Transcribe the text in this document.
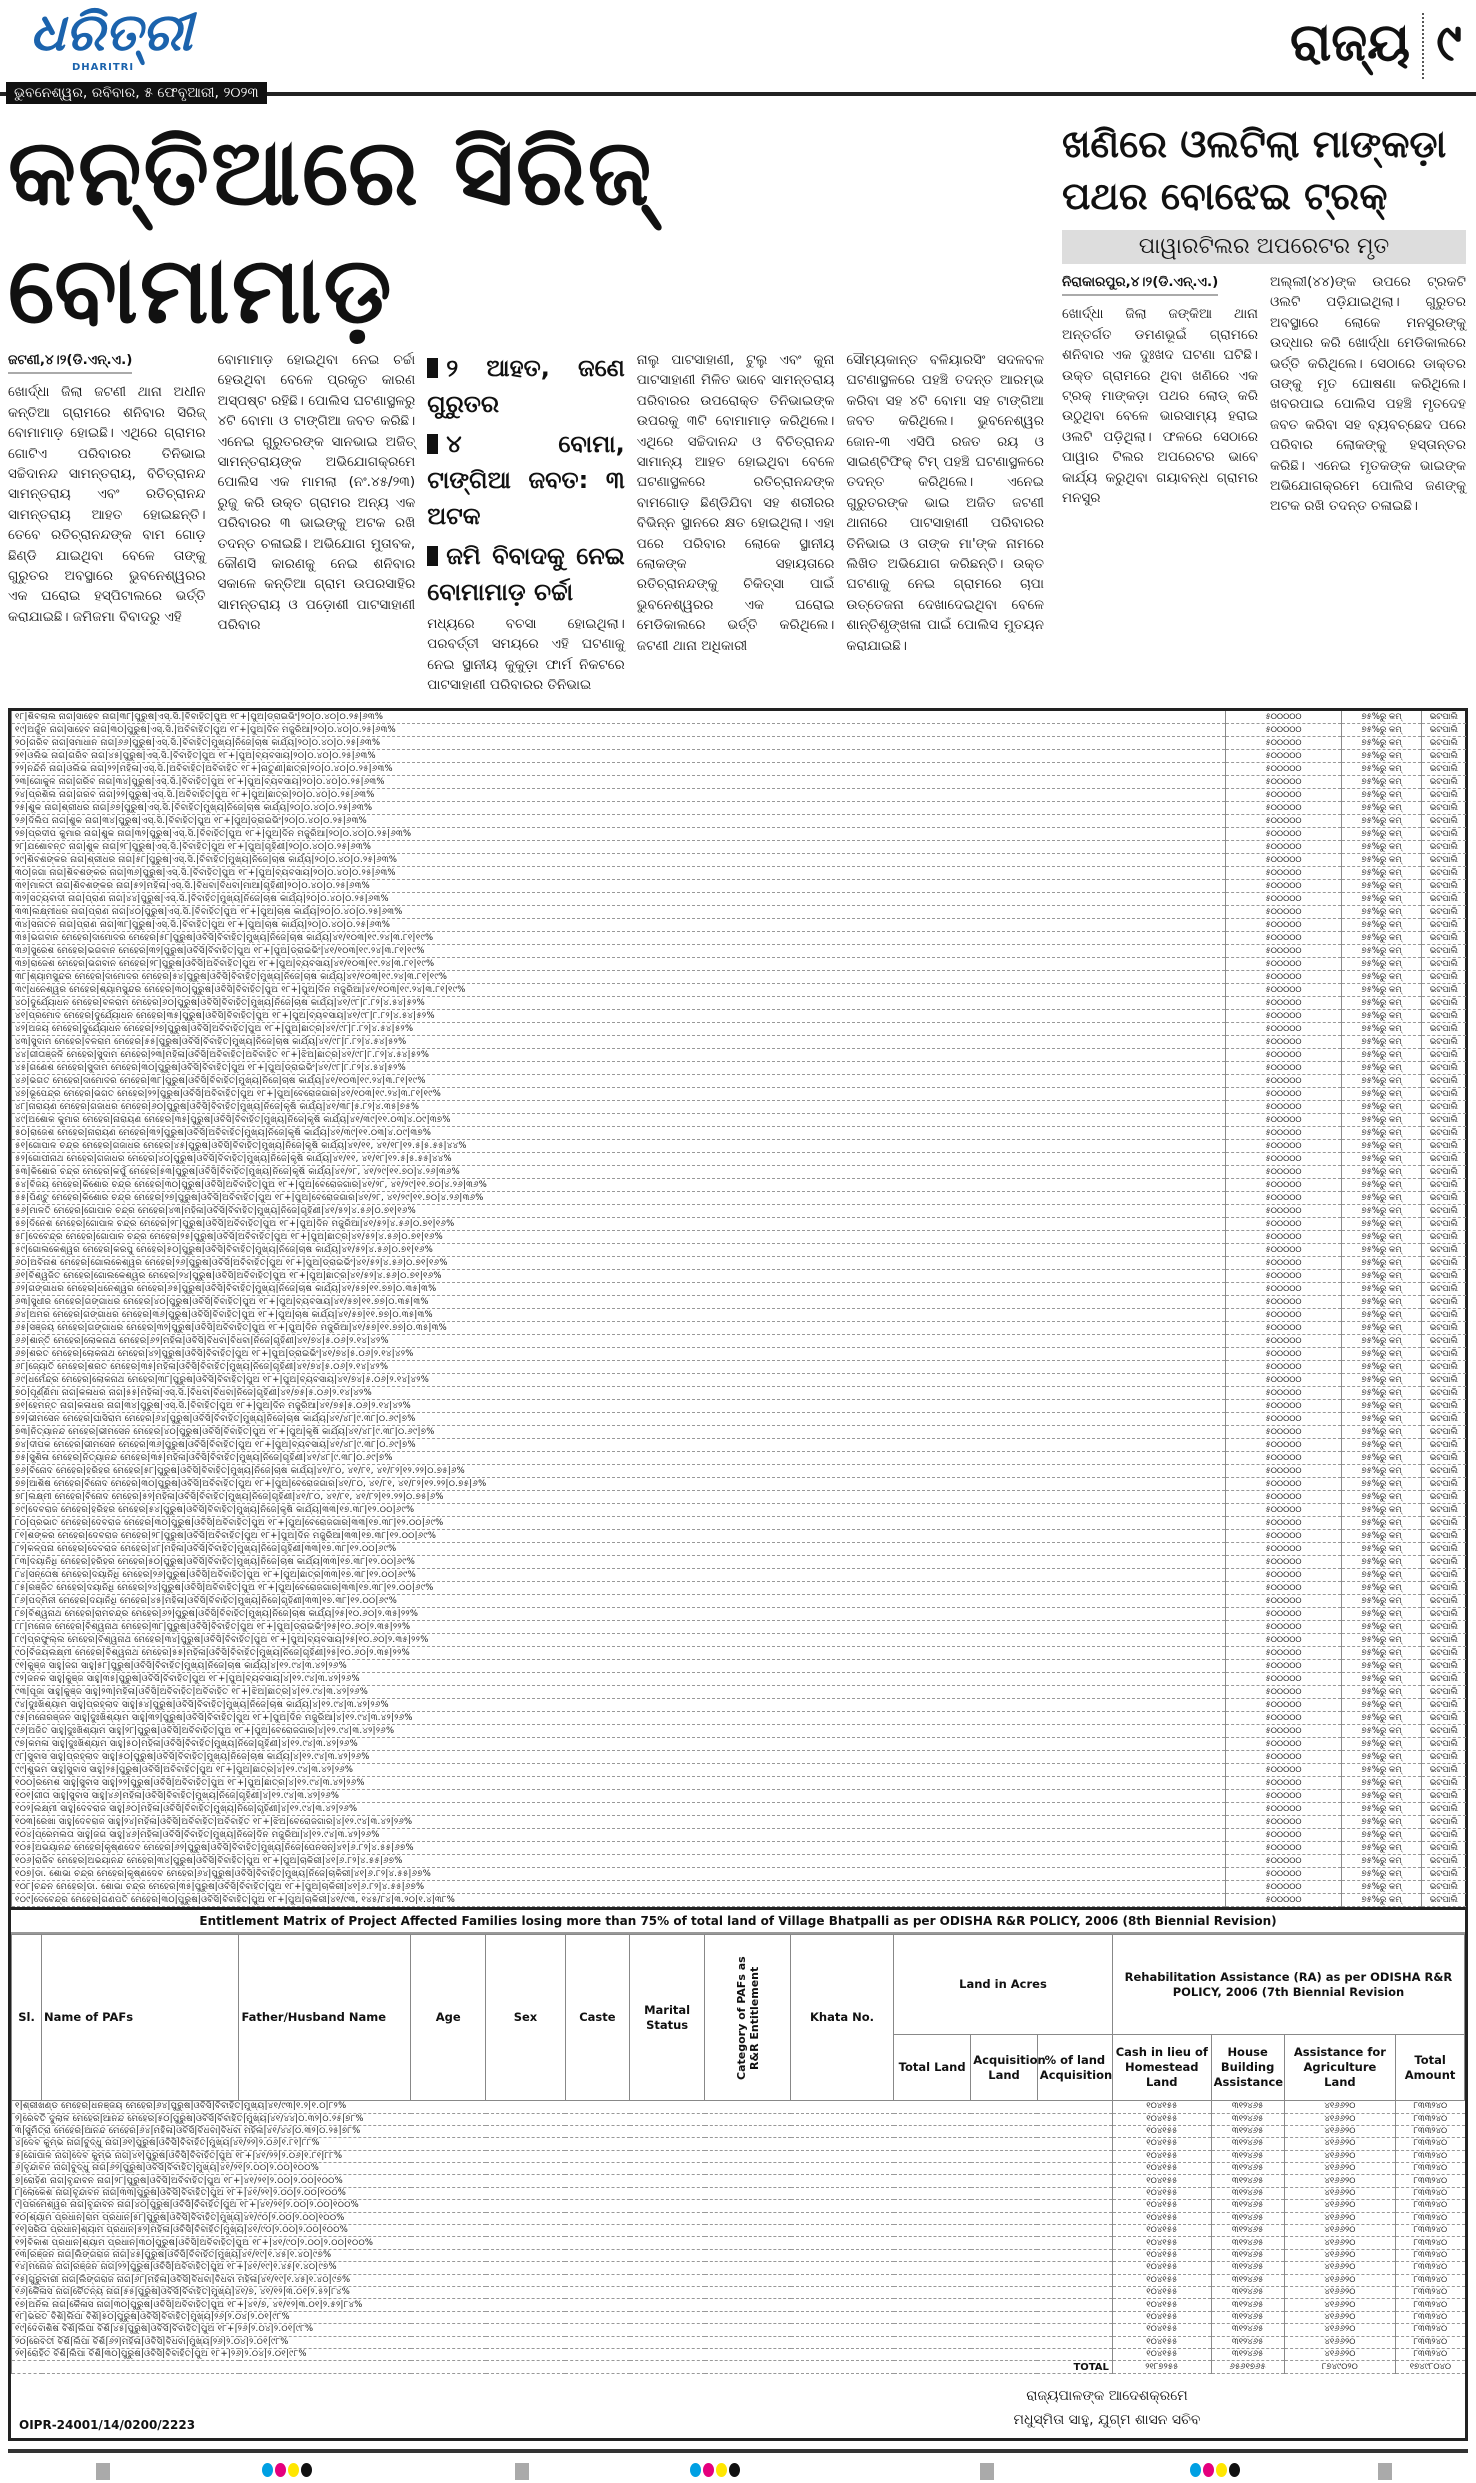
ଧରିତ୍ରୀ
DHARITRI
ଭୁବନେଶ୍ୱର, ରବିବାର, ୫ ଫେବୃଆରୀ, ୨୦୨୩
ରାଜ୍ୟ ୯
କନ୍ତିଆରେ ସିରିଜ୍ ବୋମାମାଡ଼
ଜଟଣୀ,୪।୨(ଡି.ଏନ୍.ଏ.)

ଖୋର୍ଦ୍ଧା ଜିଲା ଜଟଣୀ ଥାନା ଅଧୀନ କନ୍ତିଆ ଗ୍ରାମରେ ଶନିବାର ସିରିଜ୍ ବୋମାମାଡ଼ ହୋଇଛି। ଏଥିରେ ଗ୍ରାମର ଗୋଟିଏ ପରିବାରର ତିନିଭାଇ ସଚ୍ଚିଦାନନ୍ଦ ସାମନ୍ତରାୟ, ବିଚିତ୍ରାନନ୍ଦ ସାମନ୍ତରାୟ ଏବଂ ରତିଚ୍ରାନନ୍ଦ ସାମନ୍ତରାୟ ଆହତ ହୋଇଛନ୍ତି। ତେବେ ରତିଚ୍ରାନନ୍ଦଙ୍କ ବାମ ଗୋଡ଼ ଛିଣ୍ଡି ଯାଇଥିବା ବେଳେ ତାଙ୍କୁ ଗୁରୁତର ଅବସ୍ଥାରେ ଭୁବନେଶ୍ୱରର ଏକ ଘରୋଇ ହସ୍ପିଟାଲରେ ଭର୍ତ୍ତି କରାଯାଇଛି। ଜମିଜମା ବିବାଦରୁ ଏହି

ବୋମାମାଡ଼ ହୋଇଥିବା ନେଇ ଚର୍ଚ୍ଚା ହେଉଥିବା ବେଳେ ପ୍ରକୃତ କାରଣ ଅସ୍ପଷ୍ଟ ରହିଛି। ପୋଲିସ ଘଟଣାସ୍ଥଳରୁ ୪ଟି ବୋମା ଓ ଟାଙ୍ଗିଆ ଜବତ କରିଛି। ଏନେଇ ଗୁରୁତରଙ୍କ ସାନଭାଇ ଅଜିତ୍ ସାମନ୍ତରାୟଙ୍କ ଅଭିଯୋଗକ୍ରମେ ପୋଲିସ ଏକ ମାମଲା (ନଂ.୪୫/୨୩) ରୁଜୁ କରି ଉକ୍ତ ଗ୍ରାମର ଅନ୍ୟ ଏକ ପରିବାରର ୩ ଭାଇଙ୍କୁ ଅଟକ ରଖି ତଦନ୍ତ ଚଳାଇଛି। ଅଭିଯୋଗ ମୁତାବକ, କୌଣସି କାରଣକୁ ନେଇ ଶନିବାର ସକାଳେ କନ୍ତିଆ ଗ୍ରାମ ଉପରସାହିର ସାମନ୍ତରାୟ ଓ ପଡ଼ୋଶୀ ପାଟସାହାଣୀ ପରିବାର

୨ ଆହତ, ଜଣେ ଗୁରୁତର
୪ ବୋମା, ଟାଙ୍ଗିଆ ଜବତ: ୩ ଅଟକ
ଜମି ବିବାଦକୁ ନେଇ ବୋମାମାଡ଼ ଚର୍ଚ୍ଚା

ମଧ୍ୟରେ ବଚସା ହୋଇଥିଲା। ପରବର୍ତ୍ତୀ ସମୟରେ ଏହି ଘଟଣାକୁ ନେଇ ସ୍ଥାନୀୟ କୁକୁଡ଼ା ଫାର୍ମ ନିକଟରେ ପାଟସାହାଣୀ ପରିବାରର ତିନିଭାଇ

ନାଲୁ ପାଟସାହାଣୀ, ଟୁଲୁ ଏବଂ କୁନା ପାଟସାହାଣୀ ମିଳିତ ଭାବେ ସାମନ୍ତରାୟ ପରିବାରର ଉପରୋକ୍ତ ତିନିଭାଇଙ୍କ ଉପରକୁ ୩ଟି ବୋମାମାଡ଼ କରିଥିଲେ। ଏଥିରେ ସଚ୍ଚିଦାନନ୍ଦ ଓ ବିଚିତ୍ରାନନ୍ଦ ସାମାନ୍ୟ ଆହତ ହୋଇଥିବା ବେଳେ ଘଟଣାସ୍ଥଳରେ ରତିଚ୍ରାନନ୍ଦଙ୍କ ବାମଗୋଡ଼ ଛିଣ୍ଡିଯିବା ସହ ଶରୀରର ବିଭିନ୍ନ ସ୍ଥାନରେ କ୍ଷତ ହୋଇଥିଲା। ଏହା ପରେ ପରିବାର ଲୋକେ ସ୍ଥାନୀୟ ଲୋକଙ୍କ ସହାୟତାରେ ରତିଚ୍ରାନନ୍ଦଙ୍କୁ ଚିକିତ୍ସା ପାଇଁ ଭୁବନେଶ୍ୱରର ଏକ ଘରୋଇ ମେଡିକାଲରେ ଭର୍ତ୍ତି କରିଥିଲେ। ଜଟଣୀ ଥାନା ଅଧିକାରୀ

ସୌମ୍ୟକାନ୍ତ ବଳିୟାରସିଂ ସଦଳବଳ ଘଟଣାସ୍ଥଳରେ ପହଞ୍ଚି ତଦନ୍ତ ଆରମ୍ଭ କରିବା ସହ ୪ଟି ବୋମା ସହ ଟାଙ୍ଗିଆ ଜବତ କରିଥିଲେ। ଭୁବନେଶ୍ୱର ଜୋନ-୩ ଏସିପି ରଜତ ରୟ ଓ ସାଇଣ୍ଟିଫିକ୍ ଟିମ୍ ପହଞ୍ଚି ଘଟଣାସ୍ଥଳରେ ତଦନ୍ତ କରିଥିଲେ। ଏନେଇ ଗୁରୁତରଙ୍କ ଭାଇ ଅଜିତ ଜଟଣୀ ଥାନାରେ ପାଟସାହାଣୀ ପରିବାରର ତିନିଭାଇ ଓ ତାଙ୍କ ମା'ଙ୍କ ନାମରେ ଲିଖିତ ଅଭିଯୋଗ କରିଛନ୍ତି। ଉକ୍ତ ଘଟଣାକୁ ନେଇ ଗ୍ରାମରେ ଚାପା ଉତ୍ତେଜନା ଦେଖାଦେଇଥିବା ବେଳେ ଶାନ୍ତିଶୃଙ୍ଖଳା ପାଇଁ ପୋଲିସ ମୁତୟନ କରାଯାଇଛି।

ଖଣିରେ ଓଲଟିଲା ମାଙ୍କଡ଼ା ପଥର ବୋଝେଇ ଟ୍ରକ୍
ପାୱାରଟିଲର ଅପରେଟର ମୃତ
ନିରାକାରପୁର,୪।୨(ଡି.ଏନ୍.ଏ.)

ଖୋର୍ଦ୍ଧା ଜିଲା ଜଙ୍କିଆ ଥାନା ଅନ୍ତର୍ଗତ ଡମଣଭୂଇଁ ଗ୍ରାମରେ ଶନିବାର ଏକ ଦୁଃଖଦ ଘଟଣା ଘଟିଛି। ଉକ୍ତ ଗ୍ରାମରେ ଥିବା ଖଣିରେ ଏକ ଟ୍ରକ୍ ମାଙ୍କଡ଼ା ପଥର ଲୋଡ୍ କରି ଉଠୁଥିବା ବେଳେ ଭାରସାମ୍ୟ ହରାଇ ଓଲଟି ପଡ଼ିଥିଲା। ଫଳରେ ସେଠାରେ ପାୱାର ଟିଲର ଅପରେଟର ଭାବେ କାର୍ଯ୍ୟ କରୁଥିବା ଗୟାବନ୍ଧ ଗ୍ରାମର ମନସୁର

ଅଲ୍ଲୀ(୪୪)ଙ୍କ ଉପରେ ଟ୍ରକଟି ଓଲଟି ପଡ଼ିଯାଇଥିଲା। ଗୁରୁତର ଅବସ୍ଥାରେ ଲୋକେ ମନସୁରଙ୍କୁ ଉଦ୍ଧାର କରି ଖୋର୍ଦ୍ଧା ମେଡିକାଲରେ ଭର୍ତ୍ତି କରିଥିଲେ। ସେଠାରେ ଡାକ୍ତର ତାଙ୍କୁ ମୃତ ଘୋଷଣା କରିଥିଲେ। ଖବରପାଇ ପୋଲିସ ପହଞ୍ଚି ମୃତଦେହ ଜବତ କରିବା ସହ ବ୍ୟବଚ୍ଛେଦ ପରେ ପରିବାର ଲୋକଙ୍କୁ ହସ୍ତାନ୍ତର କରିଛି। ଏନେଇ ମୃତକଙ୍କ ଭାଇଙ୍କ ଅଭିଯୋଗକ୍ରମେ ପୋଲିସ ଜଣଙ୍କୁ ଅଟକ ରଖି ତଦନ୍ତ ଚଳାଇଛି।

୧୮|ଶିବଲାଲ ନାଗ|ସାହେବ ନାଗ|୩୮|ପୁରୁଷ|ଏସ୍.ସି.|ବିବାହିତ|ପୁଅ ୧୮+|ପୁଅ|ଡ୍ରାଇଭିଂ|୨୦|୦.୪୦|୦.୨୫|୬୩%	୫୦୦୦୦୦	୭୫%ରୁ କମ୍	ଭଟପାଲି
୧୯|ଅର୍ଜୁନ ନାଗ|ସାହେବ ନାଗ|୩୦|ପୁରୁଷ|ଏସ୍.ସି.|ଅବିବାହିତ|ପୁଅ ୧୮+|ପୁଅ|ଦିନ ମଜୁରିଆ|୨୦|୦.୪୦|୦.୨୫|୬୩%	୫୦୦୦୦୦	୭୫%ରୁ କମ୍	ଭଟପାଲି
୨୦|ଗରିବ ନାଗ|ସମାଧାନ ନାଗ|୬୬|ପୁରୁଷ|ଏସ୍.ସି.|ବିବାହିତ|ମୁଖ୍ୟ|ନିଜେ|ଚାଷ କାର୍ଯ୍ୟ|୨୦|୦.୪୦|୦.୨୫|୬୩%	୫୦୦୦୦୦	୭୫%ରୁ କମ୍	ଭଟପାଲି
୨୧|ଓଲିଭ ନାଗ|ଗରିବ ନାଗ|୪୫|ପୁରୁଷ|ଏସ୍.ସି.|ବିବାହିତ|ପୁଅ ୧୮+|ପୁଅ|ବ୍ୟବସାୟ|୨୦|୦.୪୦|୦.୨୫|୬୩%	୫୦୦୦୦୦	୭୫%ରୁ କମ୍	ଭଟପାଲି
୨୨|ନନ୍ଦିନି ନାଗ|ଓଲିଭ ନାଗ|୨୨|ମହିଳା|ଏସ୍.ସି.|ଅବିବାହିତ|ଅବିବାହିତ ୧୮+|ନାତୁଣୀ|ଛାତ୍ର|୨୦|୦.୪୦|୦.୨୫|୬୩%	୫୦୦୦୦୦	୭୫%ରୁ କମ୍	ଭଟପାଲି
୨୩|ଗୋକୁଳ ନାଗ|ଗରିବ ନାଗ|୩୪|ପୁରୁଷ|ଏସ୍.ସି.|ବିବାହିତ|ପୁଅ ୧୮+|ପୁଅ|ବ୍ୟବସାୟ|୨୦|୦.୪୦|୦.୨୫|୬୩%	୫୦୦୦୦୦	୭୫%ରୁ କମ୍	ଭଟପାଲି
୨୪|ପ୍ରଶିଲ ନାଗ|ଗରବ ନାଗ|୨୨|ପୁରୁଷ|ଏସ୍.ସି.|ଅବିବାହିତ|ପୁଅ ୧୮+|ପୁଅ|ଛାତ୍ର|୨୦|୦.୪୦|୦.୨୫|୬୩%	୫୦୦୦୦୦	୭୫%ରୁ କମ୍	ଭଟପାଲି
୨୫|ଶୁକ ନାଗ|ଶ୍ରୀଧର ନାଗ|୬୭|ପୁରୁଷ|ଏସ୍.ସି.|ବିବାହିତ|ମୁଖ୍ୟ|ନିଜେ|ଚାଷ କାର୍ଯ୍ୟ|୨୦|୦.୪୦|୦.୨୫|୬୩%	୫୦୦୦୦୦	୭୫%ରୁ କମ୍	ଭଟପାଲି
୨୬|ଦିଲିପ ନାଗ|ଶୁକ ନାଗ|୩୪|ପୁରୁଷ|ଏସ୍.ସି.|ବିବାହିତ|ପୁଅ ୧୮+|ପୁଅ|ଡ୍ରାଇଭିଂ|୨୦|୦.୪୦|୦.୨୫|୬୩%	୫୦୦୦୦୦	୭୫%ରୁ କମ୍	ଭଟପାଲି
୨୭|ପ୍ରଦୀପ କୁମାର ନାଗ|ଶୁକ ନାଗ|୩୨|ପୁରୁଷ|ଏସ୍.ସି.|ବିବାହିତ|ପୁଅ ୧୮+|ପୁଅ|ଦିନ ମଜୁରିଆ|୨୦|୦.୪୦|୦.୨୫|୬୩%	୫୦୦୦୦୦	୭୫%ରୁ କମ୍	ଭଟପାଲି
୨୮|ଯଶୋବନ୍ତ ନାଗ|ଶୁକ ନାଗ|୨୮|ପୁରୁଷ|ଏସ୍.ସି.|ବିବାହିତ|ପୁଅ ୧୮+|ପୁଅ|ଗୃହିଣୀ|୨୦|୦.୪୦|୦.୨୫|୬୩%	୫୦୦୦୦୦	୭୫%ରୁ କମ୍	ଭଟପାଲି
୨୯|ଶିବଶଙ୍କର ନାଗ|ଶ୍ରୀଧର ନାଗ|୫୮|ପୁରୁଷ|ଏସ୍.ସି.|ବିବାହିତ|ମୁଖ୍ୟ|ନିଜେ|ଚାଷ କାର୍ଯ୍ୟ|୨୦|୦.୪୦|୦.୨୫|୬୩%	୫୦୦୦୦୦	୭୫%ରୁ କମ୍	ଭଟପାଲି
୩୦|ଜଗା ନାଗ|ଶିବଶଙ୍କର ନାଗ|୩୬|ପୁରୁଷ|ଏସ୍.ସି.|ବିବାହିତ|ପୁଅ ୧୮+|ପୁଅ|ବ୍ୟବସାୟ|୨୦|୦.୪୦|୦.୨୫|୬୩%	୫୦୦୦୦୦	୭୫%ରୁ କମ୍	ଭଟପାଲି
୩୧|ମାଳତୀ ନାଗ|ଶିବଶଙ୍କର ନାଗ|୫୨|ମହିଳା|ଏସ୍.ସି.|ବିଧବା|ବିଧବା|ମାଆ|ଗୃହିଣୀ|୨୦|୦.୪୦|୦.୨୫|୬୩%	୫୦୦୦୦୦	୭୫%ରୁ କମ୍	ଭଟପାଲି
୩୨|ସତ୍ୟବାଦୀ ନାଗ|ପ୍ରାଣ ନାଗ|୪୪|ପୁରୁଷ|ଏସ୍.ସି.|ବିବାହିତ|ମୁଖ୍ୟ|ନିଜେ|ଚାଷ କାର୍ଯ୍ୟ|୨୦|୦.୪୦|୦.୨୫|୬୩%	୫୦୦୦୦୦	୭୫%ରୁ କମ୍	ଭଟପାଲି
୩୩|ଲକ୍ଷ୍ମୀଧର ନାଗ|ପ୍ରାଣ ନାଗ|୪୦|ପୁରୁଷ|ଏସ୍.ସି.|ବିବାହିତ|ପୁଅ ୧୮+|ପୁଅ|ଚାଷ କାର୍ଯ୍ୟ|୨୦|୦.୪୦|୦.୨୫|୬୩%	୫୦୦୦୦୦	୭୫%ରୁ କମ୍	ଭଟପାଲି
୩୪|ସନାତନ ନାଗ|ପ୍ରାଣ ନାଗ|୩୮|ପୁରୁଷ|ଏସ୍.ସି.|ବିବାହିତ|ପୁଅ ୧୮+|ପୁଅ|ଚାଷ କାର୍ଯ୍ୟ|୨୦|୦.୪୦|୦.୨୫|୬୩%	୫୦୦୦୦୦	୭୫%ରୁ କମ୍	ଭଟପାଲି
୩୫|ଭଗବାନ ମେହେର|ଦାମୋଦର ମେହେର|୫୮|ପୁରୁଷ|ଓବିସି|ବିବାହିତ|ମୁଖ୍ୟ|ନିଜେ|ଚାଷ କାର୍ଯ୍ୟ|୪୧/୧୦୩|୧୯.୨୪|୩.୮୧|୧୯%	୫୦୦୦୦୦	୭୫%ରୁ କମ୍	ଭଟପାଲି
୩୬|ସୁରେଶ ମେହେର|ଭଗବାନ ମେହେର|୩୨|ପୁରୁଷ|ଓବିସି|ବିବାହିତ|ପୁଅ ୧୮+|ପୁଅ|ଡ୍ରାଇଭିଂ|୪୧/୧୦୩|୧୯.୨୪|୩.୮୧|୧୯%	୫୦୦୦୦୦	୭୫%ରୁ କମ୍	ଭଟପାଲି
୩୭|ରାଜେଶ ମେହେର|ଭଗବାନ ମେହେର|୨୮|ପୁରୁଷ|ଓବିସି|ଅବିବାହିତ|ପୁଅ ୧୮+|ପୁଅ|ବ୍ୟବସାୟ|୪୧/୧୦୩|୧୯.୨୪|୩.୮୧|୧୯%	୫୦୦୦୦୦	୭୫%ରୁ କମ୍	ଭଟପାଲି
୩୮|ଶ୍ୟାମସୁନ୍ଦର ମେହେର|ଦାମୋଦର ମେହେର|୫୪|ପୁରୁଷ|ଓବିସି|ବିବାହିତ|ମୁଖ୍ୟ|ନିଜେ|ଚାଷ କାର୍ଯ୍ୟ|୪୧/୧୦୩|୧୯.୨୪|୩.୮୧|୧୯%	୫୦୦୦୦୦	୭୫%ରୁ କମ୍	ଭଟପାଲି
୩୯|ଧନେଶ୍ୱର ମେହେର|ଶ୍ୟାମସୁନ୍ଦର ମେହେର|୩୦|ପୁରୁଷ|ଓବିସି|ବିବାହିତ|ପୁଅ ୧୮+|ପୁଅ|ଦିନ ମଜୁରିଆ|୪୧/୧୦୩|୧୯.୨୪|୩.୮୧|୧୯%	୫୦୦୦୦୦	୭୫%ରୁ କମ୍	ଭଟପାଲି
୪୦|ଦୁର୍ଯ୍ୟୋଧନ ମେହେର|ବଳରାମ ମେହେର|୬୦|ପୁରୁଷ|ଓବିସି|ବିବାହିତ|ମୁଖ୍ୟ|ନିଜେ|ଚାଷ କାର୍ଯ୍ୟ|୪୧/୯୮|୮.୮୨|୪.୫୪|୫୨%	୫୦୦୦୦୦	୭୫%ରୁ କମ୍	ଭଟପାଲି
୪୧|ପ୍ରମୋଦ ମେହେର|ଦୁର୍ଯ୍ୟୋଧନ ମେହେର|୩୫|ପୁରୁଷ|ଓବିସି|ବିବାହିତ|ପୁଅ ୧୮+|ପୁଅ|ବ୍ୟବସାୟ|୪୧/୯୮|୮.୮୨|୪.୫୪|୫୨%	୫୦୦୦୦୦	୭୫%ରୁ କମ୍	ଭଟପାଲି
୪୨|ଅଜୟ ମେହେର|ଦୁର୍ଯ୍ୟୋଧନ ମେହେର|୨୭|ପୁରୁଷ|ଓବିସି|ଅବିବାହିତ|ପୁଅ ୧୮+|ପୁଅ|ଛାତ୍ର|୪୧/୯୮|୮.୮୨|୪.୫୪|୫୨%	୫୦୦୦୦୦	୭୫%ରୁ କମ୍	ଭଟପାଲି
୪୩|ସୁଦାମ ମେହେର|ବଳରାମ ମେହେର|୫୫|ପୁରୁଷ|ଓବିସି|ବିବାହିତ|ମୁଖ୍ୟ|ନିଜେ|ଚାଷ କାର୍ଯ୍ୟ|୪୧/୯୮|୮.୮୨|୪.୫୪|୫୨%	୫୦୦୦୦୦	୭୫%ରୁ କମ୍	ଭଟପାଲି
୪୪|ଗୀତାଞ୍ଜଳି ମେହେର|ସୁଦାମ ମେହେର|୨୩|ମହିଳା|ଓବିସି|ଅବିବାହିତ|ଅବିବାହିତ ୧୮+|ଝିଅ|ଛାତ୍ର|୪୧/୯୮|୮.୮୨|୪.୫୪|୫୨%	୫୦୦୦୦୦	୭୫%ରୁ କମ୍	ଭଟପାଲି
୪୫|ଗଣେଶ ମେହେର|ସୁଦାମ ମେହେର|୩୦|ପୁରୁଷ|ଓବିସି|ବିବାହିତ|ପୁଅ ୧୮+|ପୁଅ|ଡ୍ରାଇଭିଂ|୪୧/୯୮|୮.୮୨|୪.୫୪|୫୨%	୫୦୦୦୦୦	୭୫%ରୁ କମ୍	ଭଟପାଲି
୪୬|ଭଗତ ମେହେର|ଦାମୋଦର ମେହେର|୩୮|ପୁରୁଷ|ଓବିସି|ବିବାହିତ|ମୁଖ୍ୟ|ନିଜେ|ଚାଷ କାର୍ଯ୍ୟ|୪୧/୧୦୩|୧୯.୨୪|୩.୮୧|୧୯%	୫୦୦୦୦୦	୭୫%ରୁ କମ୍	ଭଟପାଲି
୪୭|ଭୂପେନ୍ଦ୍ର ମେହେର|ଭଗତ ମେହେର|୨୨|ପୁରୁଷ|ଓବିସି|ଅବିବାହିତ|ପୁଅ ୧୮+|ପୁଅ|ବେରୋଜଗାର|୪୧/୧୦୩|୧୯.୨୪|୩.୮୧|୧୯%	୫୦୦୦୦୦	୭୫%ରୁ କମ୍	ଭଟପାଲି
୪୮|ନାରାୟଣ ମେହେର|ଗଜାଧର ମେହେର|୬୦|ପୁରୁଷ|ଓବିସି|ବିବାହିତ|ମୁଖ୍ୟ|ନିଜେ|କୃଷି କାର୍ଯ୍ୟ|୪୧/୩୮|୫.୮୨|୪.୩୫|୭୫%	୫୦୦୦୦୦	୭୫%ରୁ କମ୍	ଭଟପାଲି
୪୯|ଅଶୋକ କୁମାର ମେହେର|ନାରାୟଣ ମେହେର|୩୫|ପୁରୁଷ|ଓବିସି|ବିବାହିତ|ମୁଖ୍ୟ|ନିଜେ|କୃଷି କାର୍ଯ୍ୟ|୪୧/୩୯|୧୧.୦୩|୪.୦୯|୩୭%	୫୦୦୦୦୦	୭୫%ରୁ କମ୍	ଭଟପାଲି
୫୦|ରାଜେଶ ମେହେର|ନାରାୟଣ ମେହେର|୩୨|ପୁରୁଷ|ଓବିସି|ଅବିବାହିତ|ମୁଖ୍ୟ|ନିଜେ|କୃଷି କାର୍ଯ୍ୟ|୪୧/୩୯|୧୧.୦୩|୪.୦୯|୩୭%	୫୦୦୦୦୦	୭୫%ରୁ କମ୍	ଭଟପାଲି
୫୧|ଗୋପାଳ ଚନ୍ଦ୍ର ମେହେର|ଗଜାଧର ମେହେର|୪୫|ପୁରୁଷ|ଓବିସି|ବିବାହିତ|ମୁଖ୍ୟ|ନିଜେ|କୃଷି କାର୍ଯ୍ୟ|୪୧/୧୧, ୪୧/୧୮|୧୨.୫|୫.୫୫|୪୪%	୫୦୦୦୦୦	୭୫%ରୁ କମ୍	ଭଟପାଲି
୫୨|ଗୋପୀନାଥ ମେହେର|ଗଜାଧର ମେହେର|୪୦|ପୁରୁଷ|ଓବିସି|ବିବାହିତ|ମୁଖ୍ୟ|ନିଜେ|କୃଷି କାର୍ଯ୍ୟ|୪୧/୧୧, ୪୧/୧୮|୧୨.୫|୫.୫୫|୪୪%	୫୦୦୦୦୦	୭୫%ରୁ କମ୍	ଭଟପାଲି
୫୩|କିଶୋର ଚନ୍ଦ୍ର ମେହେର|କର୍ପୁ ମେହେର|୫୩|ପୁରୁଷ|ଓବିସି|ବିବାହିତ|ମୁଖ୍ୟ|ନିଜେ|କୃଷି କାର୍ଯ୍ୟ|୪୧/୨୮, ୪୧/୨୯|୧୧.୭୦|୪.୨୬|୩୬%	୫୦୦୦୦୦	୭୫%ରୁ କମ୍	ଭଟପାଲି
୫୪|ବିଜୟ ମେହେର|କିଶୋର ଚନ୍ଦ୍ର ମେହେର|୩୦|ପୁରୁଷ|ଓବିସି|ଅବିବାହିତ|ପୁଅ ୧୮+|ପୁଅ|ବେରୋଜଗାର|୪୧/୨୮, ୪୧/୨୯|୧୧.୭୦|୪.୨୬|୩୬%	୫୦୦୦୦୦	୭୫%ରୁ କମ୍	ଭଟପାଲି
୫୫|ପିଣ୍ଟୁ ମେହେର|କିଶୋର ଚନ୍ଦ୍ର ମେହେର|୨୭|ପୁରୁଷ|ଓବିସି|ଅବିବାହିତ|ପୁଅ ୧୮+|ପୁଅ|ବେରୋଜଗାର|୪୧/୨୮, ୪୧/୨୯|୧୧.୭୦|୪.୨୬|୩୬%	୫୦୦୦୦୦	୭୫%ରୁ କମ୍	ଭଟପାଲି
୫୬|ମାଳତି ମେହେର|ଗୋପାଳ ଚନ୍ଦ୍ର ମେହେର|୪୩|ମହିଳା|ଓବିସି|ବିବାହିତ|ମୁଖ୍ୟ|ନିଜେ|ଗୃହିଣୀ|୪୧/୫୨|୪.୫୬|୦.୭୧|୧୬%	୫୦୦୦୦୦	୭୫%ରୁ କମ୍	ଭଟପାଲି
୫୭|ଦିନେଶ ମେହେର|ଗୋପାଳ ଚନ୍ଦ୍ର ମେହେର|୨୮|ପୁରୁଷ|ଓବିସି|ଅବିବାହିତ|ପୁଅ ୧୮+|ପୁଅ|ଦିନ ମଜୁରିଆ|୪୧/୫୨|୪.୫୬|୦.୭୧|୧୬%	୫୦୦୦୦୦	୭୫%ରୁ କମ୍	ଭଟପାଲି
୫୮|ଦେବେନ୍ଦ୍ର ମେହେର|ଗୋପାଳ ଚନ୍ଦ୍ର ମେହେର|୨୫|ପୁରୁଷ|ଓବିସି|ଅବିବାହିତ|ପୁଅ ୧୮+|ପୁଅ|ଛାତ୍ର|୪୧/୫୨|୪.୫୬|୦.୭୧|୧୬%	୫୦୦୦୦୦	୭୫%ରୁ କମ୍	ଭଟପାଲି
୫୯|ଗୋଲକେଶ୍ୱର ମେହେର|କରପୁ ମେହେର|୫୦|ପୁରୁଷ|ଓବିସି|ବିବାହିତ|ମୁଖ୍ୟ|ନିଜେ|ଚାଷ କାର୍ଯ୍ୟ|୪୧/୫୨|୪.୫୬|୦.୭୧|୧୬%	୫୦୦୦୦୦	୭୫%ରୁ କମ୍	ଭଟପାଲି
୬୦|ଅବିନାଶ ମେହେର|ଗୋଲକେଶ୍ୱର ମେହେର|୨୬|ପୁରୁଷ|ଓବିସି|ଅବିବାହିତ|ପୁଅ ୧୮+|ପୁଅ|ଡ୍ରାଇଭିଂ|୪୧/୫୨|୪.୫୬|୦.୭୧|୧୬%	୫୦୦୦୦୦	୭୫%ରୁ କମ୍	ଭଟପାଲି
୬୧|ବିଶ୍ୱଜିତ ମେହେର|ଗୋଲକେଶ୍ୱର ମେହେର|୨୪|ପୁରୁଷ|ଓବିସି|ଅବିବାହିତ|ପୁଅ ୧୮+|ପୁଅ|ଛାତ୍ର|୪୧/୫୨|୪.୫୬|୦.୭୧|୧୬%	୫୦୦୦୦୦	୭୫%ରୁ କମ୍	ଭଟପାଲି
୬୨|ଗଙ୍ଗାଧର ମେହେର|ଧନେଶ୍ୱର ମେହେର|୬୫|ପୁରୁଷ|ଓବିସି|ବିବାହିତ|ମୁଖ୍ୟ|ନିଜେ|ଚାଷ କାର୍ଯ୍ୟ|୪୧/୫୭|୧୧.୭୭|୦.୩୫|୩%	୫୦୦୦୦୦	୭୫%ରୁ କମ୍	ଭଟପାଲି
୬୩|ସୁଧୀର ମେହେର|ଗଙ୍ଗାଧର ମେହେର|୪୦|ପୁରୁଷ|ଓବିସି|ବିବାହିତ|ପୁଅ ୧୮+|ପୁଅ|ବ୍ୟବସାୟ|୪୧/୫୭|୧୧.୭୭|୦.୩୫|୩%	୫୦୦୦୦୦	୭୫%ରୁ କମ୍	ଭଟପାଲି
୬୪|ଅମର ମେହେର|ଗଙ୍ଗାଧର ମେହେର|୩୬|ପୁରୁଷ|ଓବିସି|ବିବାହିତ|ପୁଅ ୧୮+|ପୁଅ|ଚାଷ କାର୍ଯ୍ୟ|୪୧/୫୭|୧୧.୭୭|୦.୩୫|୩%	୫୦୦୦୦୦	୭୫%ରୁ କମ୍	ଭଟପାଲି
୬୫|ସଞ୍ଜୟ ମେହେର|ଗଙ୍ଗାଧର ମେହେର|୩୨|ପୁରୁଷ|ଓବିସି|ଅବିବାହିତ|ପୁଅ ୧୮+|ପୁଅ|ଦିନ ମଜୁରିଆ|୪୧/୫୭|୧୧.୭୭|୦.୩୫|୩%	୫୦୦୦୦୦	୭୫%ରୁ କମ୍	ଭଟପାଲି
୬୬|ଶାନ୍ତି ମେହେର|ଲୋକନାଥ ମେହେର|୬୨|ମହିଳା|ଓବିସି|ବିଧବା|ବିଧବା|ନିଜେ|ଗୃହିଣୀ|୪୧/୭୪|୫.୦୬|୨.୧୪|୪୨%	୫୦୦୦୦୦	୭୫%ରୁ କମ୍	ଭଟପାଲି
୬୭|ଶରତ ମେହେର|ଲୋକନାଥ ମେହେର|୪୨|ପୁରୁଷ|ଓବିସି|ବିବାହିତ|ପୁଅ ୧୮+|ପୁଅ|ଡ୍ରାଇଭିଂ|୪୧/୭୪|୫.୦୬|୨.୧୪|୪୨%	୫୦୦୦୦୦	୭୫%ରୁ କମ୍	ଭଟପାଲି
୬୮|ଜ୍ୟୋତି ମେହେର|ଶରତ ମେହେର|୩୫|ମହିଳା|ଓବିସି|ବିବାହିତ|ମୁଖ୍ୟ|ନିଜେ|ଗୃହିଣୀ|୪୧/୭୪|୫.୦୬|୨.୧୪|୪୨%	୫୦୦୦୦୦	୭୫%ରୁ କମ୍	ଭଟପାଲି
୬୯|ଧର୍ମେନ୍ଦ୍ର ମେହେର|ଲୋକନାଥ ମେହେର|୩୮|ପୁରୁଷ|ଓବିସି|ବିବାହିତ|ପୁଅ ୧୮+|ପୁଅ|ବ୍ୟବସାୟ|୪୧/୭୪|୫.୦୬|୨.୧୪|୪୨%	୫୦୦୦୦୦	୭୫%ରୁ କମ୍	ଭଟପାଲି
୭୦|ପୂର୍ଣ୍ଣିମା ନାଗ|କଳାଧର ନାଗ|୫୫|ମହିଳା|ଏସ୍.ସି.|ବିଧବା|ବିଧବା|ନିଜେ|ଗୃହିଣୀ|୪୧/୭୫|୫.୦୬|୨.୧୪|୪୨%	୫୦୦୦୦୦	୭୫%ରୁ କମ୍	ଭଟପାଲି
୭୧|ହେମନ୍ତ ନାଗ|କଳାଧର ନାଗ|୩୪|ପୁରୁଷ|ଏସ୍.ସି.|ବିବାହିତ|ପୁଅ ୧୮+|ପୁଅ|ଦିନ ମଜୁରିଆ|୪୧/୭୫|୫.୦୬|୨.୧୪|୪୨%	୫୦୦୦୦୦	୭୫%ରୁ କମ୍	ଭଟପାଲି
୭୨|ଭୀମସେନ ମେହେର|ଘାସିରାମ ମେହେର|୬୪|ପୁରୁଷ|ଓବିସି|ବିବାହିତ|ମୁଖ୍ୟ|ନିଜେ|ଚାଷ କାର୍ଯ୍ୟ|୪୧/୪୮|୯.୩୮|୦.୬୯|୭%	୫୦୦୦୦୦	୭୫%ରୁ କମ୍	ଭଟପାଲି
୭୩|ନିତ୍ୟାନନ୍ଦ ମେହେର|ଭୀମସେନ ମେହେର|୪୦|ପୁରୁଷ|ଓବିସି|ବିବାହିତ|ପୁଅ ୧୮+|ପୁଅ|କୃଷି କାର୍ଯ୍ୟ|୪୧/୪୮|୯.୩୮|୦.୬୯|୭%	୫୦୦୦୦୦	୭୫%ରୁ କମ୍	ଭଟପାଲି
୭୪|ଦୀପକ ମେହେର|ଭୀମସେନ ମେହେର|୩୬|ପୁରୁଷ|ଓବିସି|ବିବାହିତ|ପୁଅ ୧୮+|ପୁଅ|ବ୍ୟବସାୟ|୪୧/୪୮|୯.୩୮|୦.୬୯|୭%	୫୦୦୦୦୦	୭୫%ରୁ କମ୍	ଭଟପାଲି
୭୫|ସୁଶିଳା ମେହେର|ନିତ୍ୟାନନ୍ଦ ମେହେର|୩୫|ମହିଳା|ଓବିସି|ବିବାହିତ|ମୁଖ୍ୟ|ନିଜେ|ଗୃହିଣୀ|୪୧/୪୮|୯.୩୮|୦.୬୯|୭%	୫୦୦୦୦୦	୭୫%ରୁ କମ୍	ଭଟପାଲି
୭୬|ବିନୋଦ ମେହେର|ହରିହର ମେହେର|୫୮|ପୁରୁଷ|ଓବିସି|ବିବାହିତ|ମୁଖ୍ୟ|ନିଜେ|ଚାଷ କାର୍ଯ୍ୟ|୪୧/୮୦, ୪୧/୮୧, ୪୧/୮୨|୧୨.୨୨|୦.୭୫|୬%	୫୦୦୦୦୦	୭୫%ରୁ କମ୍	ଭଟପାଲି
୭୭|ଆଶିଷ ମେହେର|ବିନୋଦ ମେହେର|୩୦|ପୁରୁଷ|ଓବିସି|ଅବିବାହିତ|ପୁଅ ୧୮+|ପୁଅ|ବେରୋଜଗାର|୪୧/୮୦, ୪୧/୮୧, ୪୧/୮୨|୧୨.୨୨|୦.୭୫|୬%	୫୦୦୦୦୦	୭୫%ରୁ କମ୍	ଭଟପାଲି
୭୮|ଲକ୍ଷ୍ମୀ ମେହେର|ବିନୋଦ ମେହେର|୫୨|ମହିଳା|ଓବିସି|ବିବାହିତ|ମୁଖ୍ୟ|ନିଜେ|ଗୃହିଣୀ|୪୧/୮୦, ୪୧/୮୧, ୪୧/୮୨|୧୨.୨୨|୦.୭୫|୬%	୫୦୦୦୦୦	୭୫%ରୁ କମ୍	ଭଟପାଲି
୭୯|ଦେବରାଜ ମେହେର|ହରିହର ମେହେର|୫୪|ପୁରୁଷ|ଓବିସି|ବିବାହିତ|ମୁଖ୍ୟ|ନିଜେ|କୃଷି କାର୍ଯ୍ୟ|୩୩|୧୭.୩୮|୧୨.୦୦|୬୯%	୫୦୦୦୦୦	୭୫%ରୁ କମ୍	ଭଟପାଲି
୮୦|ପ୍ରଭାତ ମେହେର|ଦେବରାଜ ମେହେର|୩୦|ପୁରୁଷ|ଓବିସି|ଅବିବାହିତ|ପୁଅ ୧୮+|ପୁଅ|ବେରୋଜଗାର|୩୩|୧୭.୩୮|୧୨.୦୦|୬୯%	୫୦୦୦୦୦	୭୫%ରୁ କମ୍	ଭଟପାଲି
୮୧|ଶଙ୍କର ମେହେର|ଦେବରାଜ ମେହେର|୨୮|ପୁରୁଷ|ଓବିସି|ଅବିବାହିତ|ପୁଅ ୧୮+|ପୁଅ|ଦିନ ମଜୁରିଆ|୩୩|୧୭.୩୮|୧୨.୦୦|୬୯%	୫୦୦୦୦୦	୭୫%ରୁ କମ୍	ଭଟପାଲି
୮୨|କଳ୍ପନା ମେହେର|ଦେବରାଜ ମେହେର|୪୮|ମହିଳା|ଓବିସି|ବିବାହିତ|ମୁଖ୍ୟ|ନିଜେ|ଗୃହିଣୀ|୩୩|୧୭.୩୮|୧୨.୦୦|୬୯%	୫୦୦୦୦୦	୭୫%ରୁ କମ୍	ଭଟପାଲି
୮୩|ଦୟାନିଧି ମେହେର|ହରିହର ମେହେର|୫୦|ପୁରୁଷ|ଓବିସି|ବିବାହିତ|ମୁଖ୍ୟ|ନିଜେ|ଚାଷ କାର୍ଯ୍ୟ|୩୩|୧୭.୩୮|୧୨.୦୦|୬୯%	୫୦୦୦୦୦	୭୫%ରୁ କମ୍	ଭଟପାଲି
୮୪|ସନ୍ତୋଷ ମେହେର|ଦୟାନିଧି ମେହେର|୨୬|ପୁରୁଷ|ଓବିସି|ଅବିବାହିତ|ପୁଅ ୧୮+|ପୁଅ|ଛାତ୍ର|୩୩|୧୭.୩୮|୧୨.୦୦|୬୯%	୫୦୦୦୦୦	୭୫%ରୁ କମ୍	ଭଟପାଲି
୮୫|ରଞ୍ଜିତ ମେହେର|ଦୟାନିଧି ମେହେର|୨୪|ପୁରୁଷ|ଓବିସି|ଅବିବାହିତ|ପୁଅ ୧୮+|ପୁଅ|ବେରୋଜଗାର|୩୩|୧୭.୩୮|୧୨.୦୦|୬୯%	୫୦୦୦୦୦	୭୫%ରୁ କମ୍	ଭଟପାଲି
୮୬|ପଦ୍ମିନୀ ମେହେର|ଦୟାନିଧି ମେହେର|୪୫|ମହିଳା|ଓବିସି|ବିବାହିତ|ମୁଖ୍ୟ|ନିଜେ|ଗୃହିଣୀ|୩୩|୧୭.୩୮|୧୨.୦୦|୬୯%	୫୦୦୦୦୦	୭୫%ରୁ କମ୍	ଭଟପାଲି
୮୭|ବିଶ୍ୱନାଥ ମେହେର|ରାମଚନ୍ଦ୍ର ମେହେର|୬୨|ପୁରୁଷ|ଓବିସି|ବିବାହିତ|ମୁଖ୍ୟ|ନିଜେ|ଚାଷ କାର୍ଯ୍ୟ|୨୫|୧୦.୬୦|୨.୩୫|୨୨%	୫୦୦୦୦୦	୭୫%ରୁ କମ୍	ଭଟପାଲି
୮୮|ମନୋଜ ମେହେର|ବିଶ୍ୱନାଥ ମେହେର|୩୮|ପୁରୁଷ|ଓବିସି|ବିବାହିତ|ପୁଅ ୧୮+|ପୁଅ|ଡ୍ରାଇଭିଂ|୨୫|୧୦.୬୦|୨.୩୫|୨୨%	୫୦୦୦୦୦	୭୫%ରୁ କମ୍	ଭଟପାଲି
୮୯|ପ୍ରଫୁଲ୍ଲ ମେହେର|ବିଶ୍ୱନାଥ ମେହେର|୩୪|ପୁରୁଷ|ଓବିସି|ବିବାହିତ|ପୁଅ ୧୮+|ପୁଅ|ବ୍ୟବସାୟ|୨୫|୧୦.୬୦|୨.୩୫|୨୨%	୫୦୦୦୦୦	୭୫%ରୁ କମ୍	ଭଟପାଲି
୯୦|ବିଜୟଲକ୍ଷ୍ମୀ ମେହେର|ବିଶ୍ୱନାଥ ମେହେର|୫୫|ମହିଳା|ଓବିସି|ବିବାହିତ|ମୁଖ୍ୟ|ନିଜେ|ଗୃହିଣୀ|୨୫|୧୦.୬୦|୨.୩୫|୨୨%	୫୦୦୦୦୦	୭୫%ରୁ କମ୍	ଭଟପାଲି
୯୧|କୁଞ୍ଜ ସାହୁ|ଜଗ ସାହୁ|୫୮|ପୁରୁଷ|ଓବିସି|ବିବାହିତ|ମୁଖ୍ୟ|ନିଜେ|ଚାଷ କାର୍ଯ୍ୟ|୪|୧୨.୯୪|୩.୪୨|୨୬%	୫୦୦୦୦୦	୭୫%ରୁ କମ୍	ଭଟପାଲି
୯୨|ଜନକ ସାହୁ|କୁଞ୍ଜ ସାହୁ|୩୫|ପୁରୁଷ|ଓବିସି|ବିବାହିତ|ପୁଅ ୧୮+|ପୁଅ|ବ୍ୟବସାୟ|୪|୧୨.୯୪|୩.୪୨|୨୬%	୫୦୦୦୦୦	୭୫%ରୁ କମ୍	ଭଟପାଲି
୯୩|ପୂଜା ସାହୁ|କୁଞ୍ଜ ସାହୁ|୨୩|ମହିଳା|ଓବିସି|ଅବିବାହିତ|ଅବିବାହିତ ୧୮+|ଝିଅ|ଛାତ୍ର|୪|୧୨.୯୪|୩.୪୨|୨୬%	୫୦୦୦୦୦	୭୫%ରୁ କମ୍	ଭଟପାଲି
୯୪|ଦୁଃଖିଶ୍ୟାମ ସାହୁ|ପ୍ରହ୍ଲାଦ ସାହୁ|୫୪|ପୁରୁଷ|ଓବିସି|ବିବାହିତ|ମୁଖ୍ୟ|ନିଜେ|ଚାଷ କାର୍ଯ୍ୟ|୪|୧୨.୯୪|୩.୪୨|୨୬%	୫୦୦୦୦୦	୭୫%ରୁ କମ୍	ଭଟପାଲି
୯୫|ମନୋରଞ୍ଜନ ସାହୁ|ଦୁଃଖିଶ୍ୟାମ ସାହୁ|୩୨|ପୁରୁଷ|ଓବିସି|ବିବାହିତ|ପୁଅ ୧୮+|ପୁଅ|ଦିନ ମଜୁରିଆ|୪|୧୨.୯୪|୩.୪୨|୨୬%	୫୦୦୦୦୦	୭୫%ରୁ କମ୍	ଭଟପାଲି
୯୬|ଅଜିତ ସାହୁ|ଦୁଃଖିଶ୍ୟାମ ସାହୁ|୨୮|ପୁରୁଷ|ଓବିସି|ଅବିବାହିତ|ପୁଅ ୧୮+|ପୁଅ|ବେରୋଜଗାର|୪|୧୨.୯୪|୩.୪୨|୨୬%	୫୦୦୦୦୦	୭୫%ରୁ କମ୍	ଭଟପାଲି
୯୭|କମଳା ସାହୁ|ଦୁଃଖିଶ୍ୟାମ ସାହୁ|୫୦|ମହିଳା|ଓବିସି|ବିବାହିତ|ମୁଖ୍ୟ|ନିଜେ|ଗୃହିଣୀ|୪|୧୨.୯୪|୩.୪୨|୨୬%	୫୦୦୦୦୦	୭୫%ରୁ କମ୍	ଭଟପାଲି
୯୮|ସୁବାସ ସାହୁ|ପ୍ରହ୍ଲାଦ ସାହୁ|୫୦|ପୁରୁଷ|ଓବିସି|ବିବାହିତ|ମୁଖ୍ୟ|ନିଜେ|ଚାଷ କାର୍ଯ୍ୟ|୪|୧୨.୯୪|୩.୪୨|୨୬%	୫୦୦୦୦୦	୭୫%ରୁ କମ୍	ଭଟପାଲି
୯୯|ଶୁଭମ ସାହୁ|ସୁବାସ ସାହୁ|୨୫|ପୁରୁଷ|ଓବିସି|ଅବିବାହିତ|ପୁଅ ୧୮+|ପୁଅ|ଛାତ୍ର|୪|୧୨.୯୪|୩.୪୨|୨୬%	୫୦୦୦୦୦	୭୫%ରୁ କମ୍	ଭଟପାଲି
୧୦୦|ରମେଶ ସାହୁ|ସୁବାସ ସାହୁ|୨୨|ପୁରୁଷ|ଓବିସି|ଅବିବାହିତ|ପୁଅ ୧୮+|ପୁଅ|ଛାତ୍ର|୪|୧୨.୯୪|୩.୪୨|୨୬%	୫୦୦୦୦୦	୭୫%ରୁ କମ୍	ଭଟପାଲି
୧୦୧|ଗୀତା ସାହୁ|ସୁବାସ ସାହୁ|୪୬|ମହିଳା|ଓବିସି|ବିବାହିତ|ମୁଖ୍ୟ|ନିଜେ|ଗୃହିଣୀ|୪|୧୨.୯୪|୩.୪୨|୨୬%	୫୦୦୦୦୦	୭୫%ରୁ କମ୍	ଭଟପାଲି
୧୦୨|ଲକ୍ଷ୍ମୀ ସାହୁ|ଦେବରାଜ ସାହୁ|୬୦|ମହିଳା|ଓବିସି|ବିବାହିତ|ମୁଖ୍ୟ|ନିଜେ|ଗୃହିଣୀ|୪|୧୨.୯୪|୩.୪୨|୨୬%	୫୦୦୦୦୦	୭୫%ରୁ କମ୍	ଭଟପାଲି
୧୦୩|ରେଖା ସାହୁ|ଦେବରାଜ ସାହୁ|୨୪|ମହିଳା|ଓବିସି|ଅବିବାହିତ|ଅବିବାହିତ ୧୮+|ଝିଅ|ବେରୋଜଗାର|୪|୧୨.୯୪|୩.୪୨|୨୬%	୫୦୦୦୦୦	୭୫%ରୁ କମ୍	ଭଟପାଲି
୧୦୪|ପ୍ରେମଲତା ସାହୁ|ଜଗ ସାହୁ|୪୬|ମହିଳା|ଓବିସି|ବିବାହିତ|ମୁଖ୍ୟ|ନିଜେ|ଦିନ ମଜୁରିଆ|୪|୧୨.୯୪|୩.୪୨|୨୬%	୫୦୦୦୦୦	୭୫%ରୁ କମ୍	ଭଟପାଲି
୧୦୫|ଅଭୟାନନ୍ଦ ମେହେର|କୃଷ୍ଣଦେବ ମେହେର|୬୨|ପୁରୁଷ|ଓବିସି|ବିବାହିତ|ମୁଖ୍ୟ|ନିଜେ|ପେନସନ୍|୪୧|୬.୮୨|୪.୫୫|୬୭%	୫୦୦୦୦୦	୭୫%ରୁ କମ୍	ଭଟପାଲି
୧୦୬|ରାଜିବ ମେହେର|ଅଭୟାନନ୍ଦ ମେହେର|୩୪|ପୁରୁଷ|ଓବିସି|ବିବାହିତ|ପୁଅ ୧୮+|ପୁଅ|ଚାକିରୀ|୪୧|୬.୮୨|୪.୫୫|୬୭%	୫୦୦୦୦୦	୭୫%ରୁ କମ୍	ଭଟପାଲି
୧୦୭|ଡା. ଶୋଭା ଚନ୍ଦ୍ର ମେହେର|କୃଷ୍ଣଦେବ ମେହେର|୬୪|ପୁରୁଷ|ଓବିସି|ବିବାହିତ|ମୁଖ୍ୟ|ନିଜେ|ଚାକିରୀ|୪୧|୬.୮୨|୪.୫୫|୬୭%	୫୦୦୦୦୦	୭୫%ରୁ କମ୍	ଭଟପାଲି
୧୦୮|ଚନ୍ଦନ ମେହେର|ଡା. ଶୋଭା ଚନ୍ଦ୍ର ମେହେର|୩୫|ପୁରୁଷ|ଓବିସି|ବିବାହିତ|ପୁଅ ୧୮+|ପୁଅ|ଚାକିରୀ|୪୧|୬.୮୨|୪.୫୫|୬୭%	୫୦୦୦୦୦	୭୫%ରୁ କମ୍	ଭଟପାଲି
୧୦୯|ଦେବେନ୍ଦ୍ର ମେହେର|ଗଣପତି ମେହେର|୩୦|ପୁରୁଷ|ଓବିସି|ବିବାହିତ|ପୁଅ ୧୮+|ପୁଅ|ଚାକିରୀ|୪୧/୯୩, ୧୪୫/୮୪|୩.୨୦|୧.୪|୩୮%	୫୦୦୦୦୦	୭୫%ରୁ କମ୍	ଭଟପାଲି
Entitlement Matrix of Project Affected Families losing more than 75% of total land of Village Bhatpalli as per ODISHA R&R POLICY, 2006 (8th Biennial Revision)
Sl.	Name of PAFs	Father/Husband Name	Age	Sex	Caste	Marital Status	Category of PAFs as R&R Entitlement	Khata No.	Land in Acres			Rehabilitation Assistance (RA) as per ODISHA R&R POLICY, 2006 (7th Biennial Revision			
									Total Land	Acquisition Land	% of land Acquisition	Cash in lieu of Homestead Land	House Building Assistance	Assistance for Agriculture Land	Total Amount
୧|ଶ୍ରୀଖଣ୍ଡ ମେହେର|ଧନଞ୍ଜୟ ମେହେର|୬୪|ପୁରୁଷ|ଓବିସି|ବିବାହିତ|ମୁଖ୍ୟ|୪୧/୯୩|୧.୨|୧.୦|୮୨%												୧୦୪୧୫୫	୩୧୨୪୬୫	୪୧୬୬୨୦	୮୩୩୨୪୦
୨|ରେବତି ଦୁଲାଳ ମେହେର|ଆନନ୍ଦ ମେହେର|୫୦|ପୁରୁଷ|ଓବିସି|ବିବାହିତ|ମୁଖ୍ୟ|୪୧/୪୪|୦.୩୨|୦.୨୫|୭୮%												୧୦୪୧୫୫	୩୧୨୪୬୫	୪୧୬୬୨୦	୮୩୩୨୪୦
୩|ସୁମିତ୍ରା ମେହେର|ଆନନ୍ଦ ମେହେର|୬୪|ମହିଳା|ଓବିସି|ବିଧବା|ବିଧବା ମହିଳା|୪୧/୪୪|୦.୩୨|୦.୨୫|୭୮%												୧୦୪୧୫୫	୩୧୨୪୬୫	୪୧୬୬୨୦	୮୩୩୨୪୦
୪|ଦେବ କୁମ୍ଭ ନାଗ|ବୁଦ୍ଧୁ ନାଗ|୬୧|ପୁରୁଷ|ଓବିସି|ବିବାହିତ|ମୁଖ୍ୟ|୪୧/୨୨|୨.୦୬|୧.୮୧|୮୮%												୧୦୪୧୫୫	୩୧୨୪୬୫	୪୧୬୬୨୦	୮୩୩୨୪୦
୫|ଗୋପାଳ ନାଗ|ଦେବ କୁମ୍ଭ ନାଗ|୪୧|ପୁରୁଷ|ଓବିସି|ବିବାହିତ|ପୁଅ ୧୮+|୪୧/୨୨|୨.୦୬|୧.୮୧|୮୮%												୧୦୪୧୫୫	୩୧୨୪୬୫	୪୧୬୬୨୦	୮୩୩୨୪୦
୬|ବୃନ୍ଦାବନ ନାଗ|ବୁଦ୍ଧୁ ନାଗ|୬୨|ପୁରୁଷ|ଓବିସି|ବିବାହିତ|ମୁଖ୍ୟ|୪୧/୨୧|୨.୦୦|୨.୦୦|୧୦୦%												୧୦୪୧୫୫	୩୧୨୪୬୫	୪୧୬୬୨୦	୮୩୩୨୪୦
୭|ରୋହିଣ ନାଗ|ବୃନ୍ଦାବନ ନାଗ|୨୮|ପୁରୁଷ|ଓବିସି|ଅବିବାହିତ|ପୁଅ ୧୮+|୪୧/୨୧|୨.୦୦|୨.୦୦|୧୦୦%												୧୦୪୧୫୫	୩୧୨୪୬୫	୪୧୬୬୨୦	୮୩୩୨୪୦
୮|ଲୋକେଶ ନାଗ|ବୃନ୍ଦାବନ ନାଗ|୩୩|ପୁରୁଷ|ଓବିସି|ବିବାହିତ|ପୁଅ ୧୮+|୪୧/୨୧|୨.୦୦|୨.୦୦|୧୦୦%												୧୦୪୧୫୫	୩୧୨୪୬୫	୪୧୬୬୨୦	୮୩୩୨୪୦
୯|ପରମେଶ୍ୱର ନାଗ|ବୃନ୍ଦାବନ ନାଗ|୪୦|ପୁରୁଷ|ଓବିସି|ବିବାହିତ|ପୁଅ ୧୮+|୪୧/୨୧|୨.୦୦|୨.୦୦|୧୦୦%												୧୦୪୧୫୫	୩୧୨୪୬୫	୪୧୬୬୨୦	୮୩୩୨୪୦
୧୦|ଶ୍ୟାମ ପ୍ରଧାନ|ରାମ ପ୍ରଧାନ|୫୮|ପୁରୁଷ|ଓବିସି|ବିବାହିତ|ମୁଖ୍ୟ|୪୧/୯୦|୨.୦୦|୨.୦୦|୧୦୦%												୧୦୪୧୫୫	୩୧୨୪୬୫	୪୧୬୬୨୦	୮୩୩୨୪୦
୧୧|ସରିତା ପ୍ରଧାନ|ଶ୍ୟାମ ପ୍ରଧାନ|୫୨|ମହିଳା|ଓବିସି|ବିବାହିତ|ମୁଖ୍ୟ|୪୧/୯୦|୨.୦୦|୨.୦୦|୧୦୦%												୧୦୪୧୫୫	୩୧୨୪୬୫	୪୧୬୬୨୦	୮୩୩୨୪୦
୧୨|ବିକାଶ ପ୍ରଧାନ|ଶ୍ୟାମ ପ୍ରଧାନ|୩୦|ପୁରୁଷ|ଓବିସି|ଅବିବାହିତ|ପୁଅ ୧୮+|୪୧/୯୦|୨.୦୦|୨.୦୦|୧୦୦%												୧୦୪୧୫୫	୩୧୨୪୬୫	୪୧୬୬୨୦	୮୩୩୨୪୦
୧୩|ରଞ୍ଜନ ନାଗ|ଲିଙ୍ଗରାଜ ନାଗ|୪୫|ପୁରୁଷ|ଓବିସି|ବିବାହିତ|ମୁଖ୍ୟ|୪୧/୧୯|୧.୪୫|୧.୪୦|୯୭%												୧୦୪୧୫୫	୩୧୨୪୬୫	୪୧୬୬୨୦	୮୩୩୨୪୦
୧୪|ମନୋଜ ନାଗ|ରଞ୍ଜନ ନାଗ|୨୨|ପୁରୁଷ|ଓବିସି|ଅବିବାହିତ|ପୁଅ ୧୮+|୪୧/୧୯|୧.୪୫|୧.୪୦|୯୭%												୧୦୪୧୫୫	୩୧୨୪୬୫	୪୧୬୬୨୦	୮୩୩୨୪୦
୧୫|ଗୁରୁବାରୀ ନାଗ|ଲିଙ୍ଗରାଜ ନାଗ|୬୮|ମହିଳା|ଓବିସି|ବିଧବା|ବିଧବା ମହିଳା|୪୧/୧୯|୧.୪୫|୧.୪୦|୯୭%												୧୦୪୧୫୫	୩୧୨୪୬୫	୪୧୬୬୨୦	୮୩୩୨୪୦
୧୬|କୈଳାସ ନାଗ|ଚୈତନ୍ୟ ନାଗ|୫୫|ପୁରୁଷ|ଓବିସି|ବିବାହିତ|ମୁଖ୍ୟ|୪୧/୭, ୪୧/୧୨|୩.୦୧|୨.୫୨|୮୪%												୧୦୪୧୫୫	୩୧୨୪୬୫	୪୧୬୬୨୦	୮୩୩୨୪୦
୧୭|ଅନିଲ ନାଗ|କୈଳାସ ନାଗ|୩୦|ପୁରୁଷ|ଓବିସି|ଅବିବାହିତ|ପୁଅ ୧୮+|୪୧/୭, ୪୧/୧୨|୩.୦୧|୨.୫୨|୮୪%												୧୦୪୧୫୫	୩୧୨୪୬୫	୪୧୬୬୨୦	୮୩୩୨୪୦
୧୮|ଭରତ ବିଶି|ଲିପା ବିଶି|୫୦|ପୁରୁଷ|ଓବିସି|ବିବାହିତ|ମୁଖ୍ୟ|୨୬|୨.୦୪|୨.୦୧|୯୮%												୧୦୪୧୫୫	୩୧୨୪୬୫	୪୧୬୬୨୦	୮୩୩୨୪୦
୧୯|ଦେବାଶିଷ ବିଶି|ଲିପା ବିଶି|୪୫|ପୁରୁଷ|ଓବିସି|ବିବାହିତ|ପୁଅ ୧୮+|୨୬|୨.୦୪|୨.୦୧|୯୮%												୧୦୪୧୫୫	୩୧୨୪୬୫	୪୧୬୬୨୦	୮୩୩୨୪୦
୨୦|ରେବତୀ ବିଶି|ଲିପା ବିଶି|୬୨|ମହିଳା|ଓବିସି|ବିଧବା|ମୁଖ୍ୟ|୨୬|୨.୦୪|୨.୦୧|୯୮%												୧୦୪୧୫୫	୩୧୨୪୬୫	୪୧୬୬୨୦	୮୩୩୨୪୦
୨୧|ରୋହିତ ବିଶି|ଲିପା ବିଶି|୩୦|ପୁରୁଷ|ଓବିସି|ବିବାହିତ|ପୁଅ ୧୮+|୨୬|୨.୦୪|୨.୦୧|୯୮%												୧୦୪୧୫୫	୩୧୨୪୬୫	୪୧୬୬୨୦	୮୩୩୨୪୦
TOTAL												୨୧୮୭୨୫୫	୬୫୬୧୭୬୫	୮୭୪୯୦୨୦	୧୭୪୯୮୦୪୦
OIPR-24001/14/0200/2223
ରାଜ୍ୟପାଳଙ୍କ ଆଦେଶକ୍ରମେ
ମଧୁସ୍ମିତା ସାହୁ, ଯୁଗ୍ମ ଶାସନ ସଚିବ
